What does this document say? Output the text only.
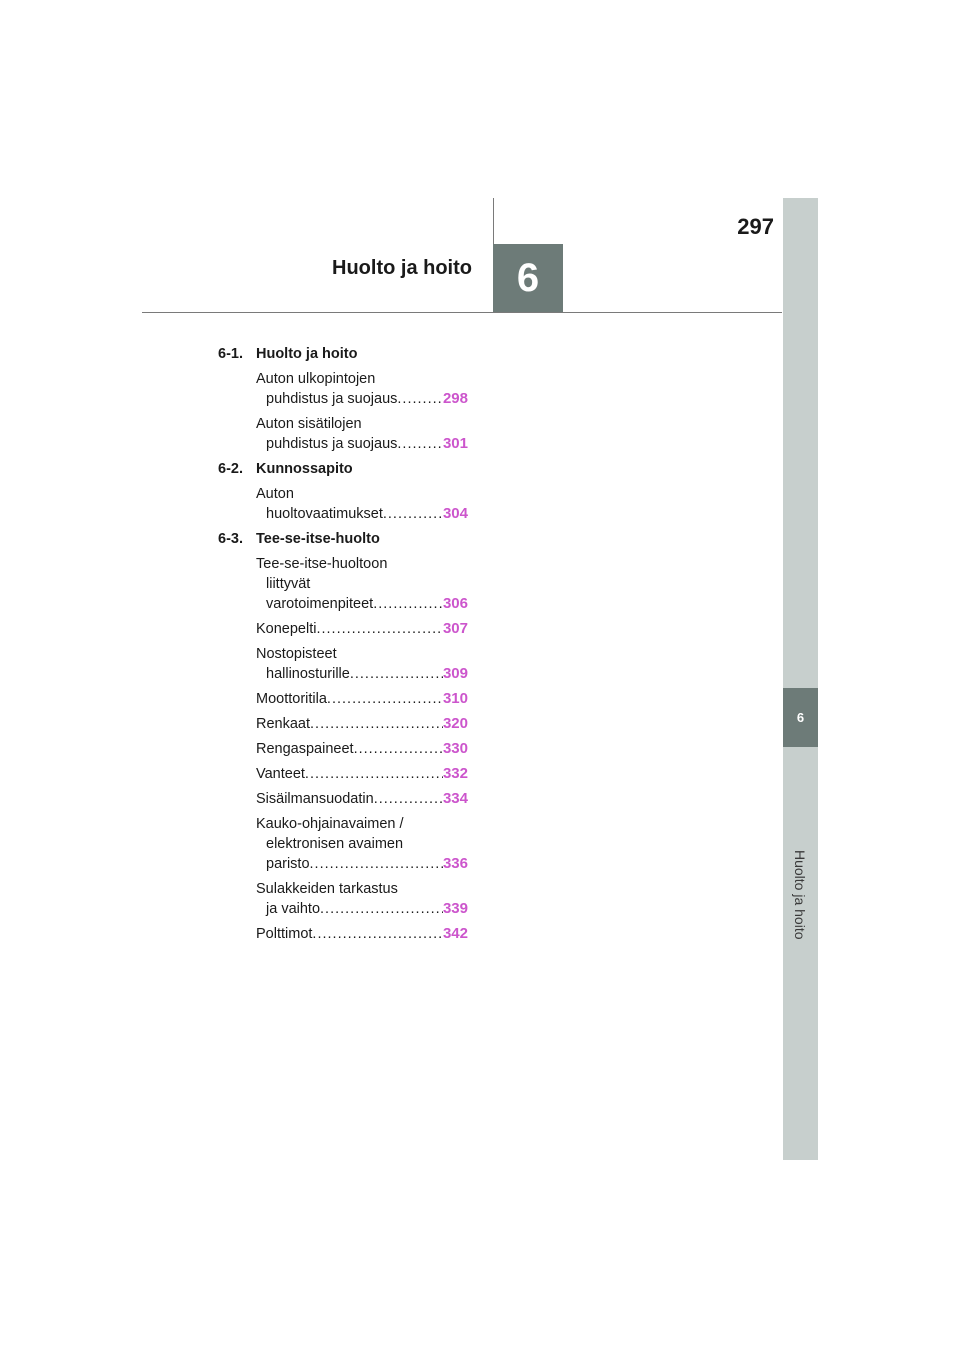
297
Huolto ja hoito	6
6
Huolto ja hoito
6-1. Huolto ja hoito
Auton ulkopintojen
puhdistus ja suojaus .....	298
Auton sisätilojen
puhdistus ja suojaus .....	301
6-2. Kunnossapito
Auton
huoltovaatimukset .....	304
6-3. Tee-se-itse-huolto
Tee-se-itse-huoltoon
liittyvät
varotoimenpiteet .....	306
Konepelti .....	307
Nostopisteet
hallinosturille .....	309
Moottoritila .....	310
Renkaat .....	320
Rengaspaineet .....	330
Vanteet .....	332
Sisäilmansuodatin .....	334
Kauko-ohjainavaimen /
elektronisen avaimen
paristo .....	336
Sulakkeiden tarkastus
ja vaihto .....	339
Polttimot .....	342
